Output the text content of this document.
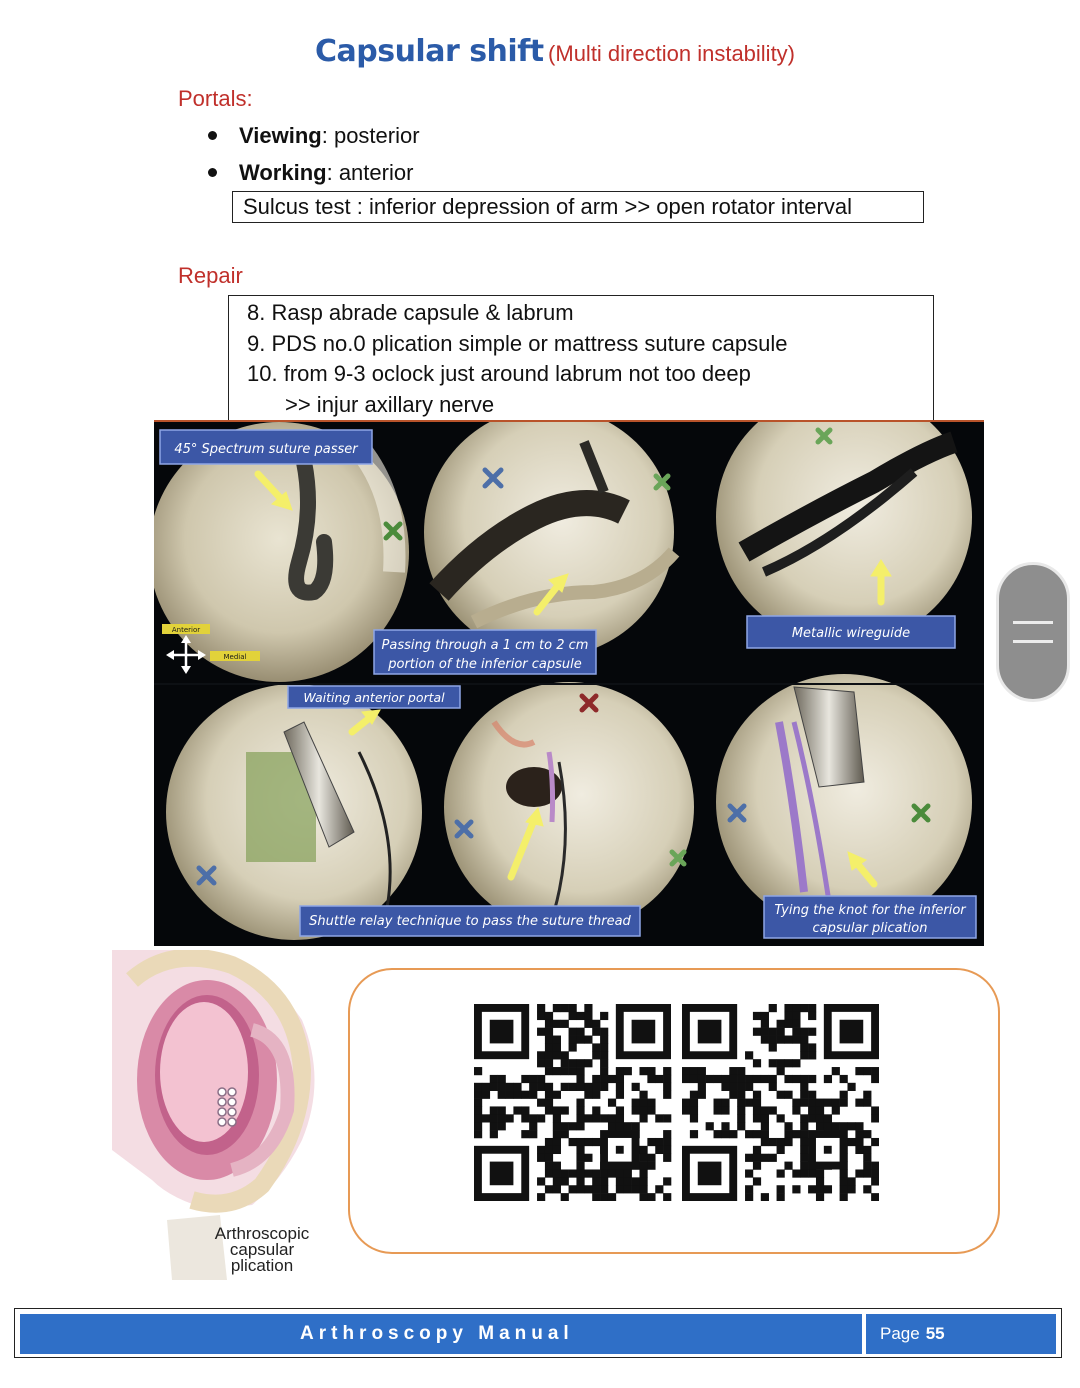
Capsular shift (Multi direction instability)
Portals:
Viewing: posterior
Working: anterior
Sulcus test : inferior depression of arm >> open rotator interval
Repair
8. Rasp abrade capsule & labrum
9. PDS no.0 plication simple or mattress suture capsule
10. from 9-3 oclock just around labrum not too deep
>> injur axillary nerve
Anterior
Medial
45° Spectrum suture passer
Passing through a 1 cm to 2 cm
portion of the inferior capsule
Metallic wireguide
Waiting anterior portal
Shuttle relay technique to pass the suture thread
Tying the knot for the inferior
capsular plication
Arthroscopic
capsular
plication
Arthroscopy Manual	Page 55
